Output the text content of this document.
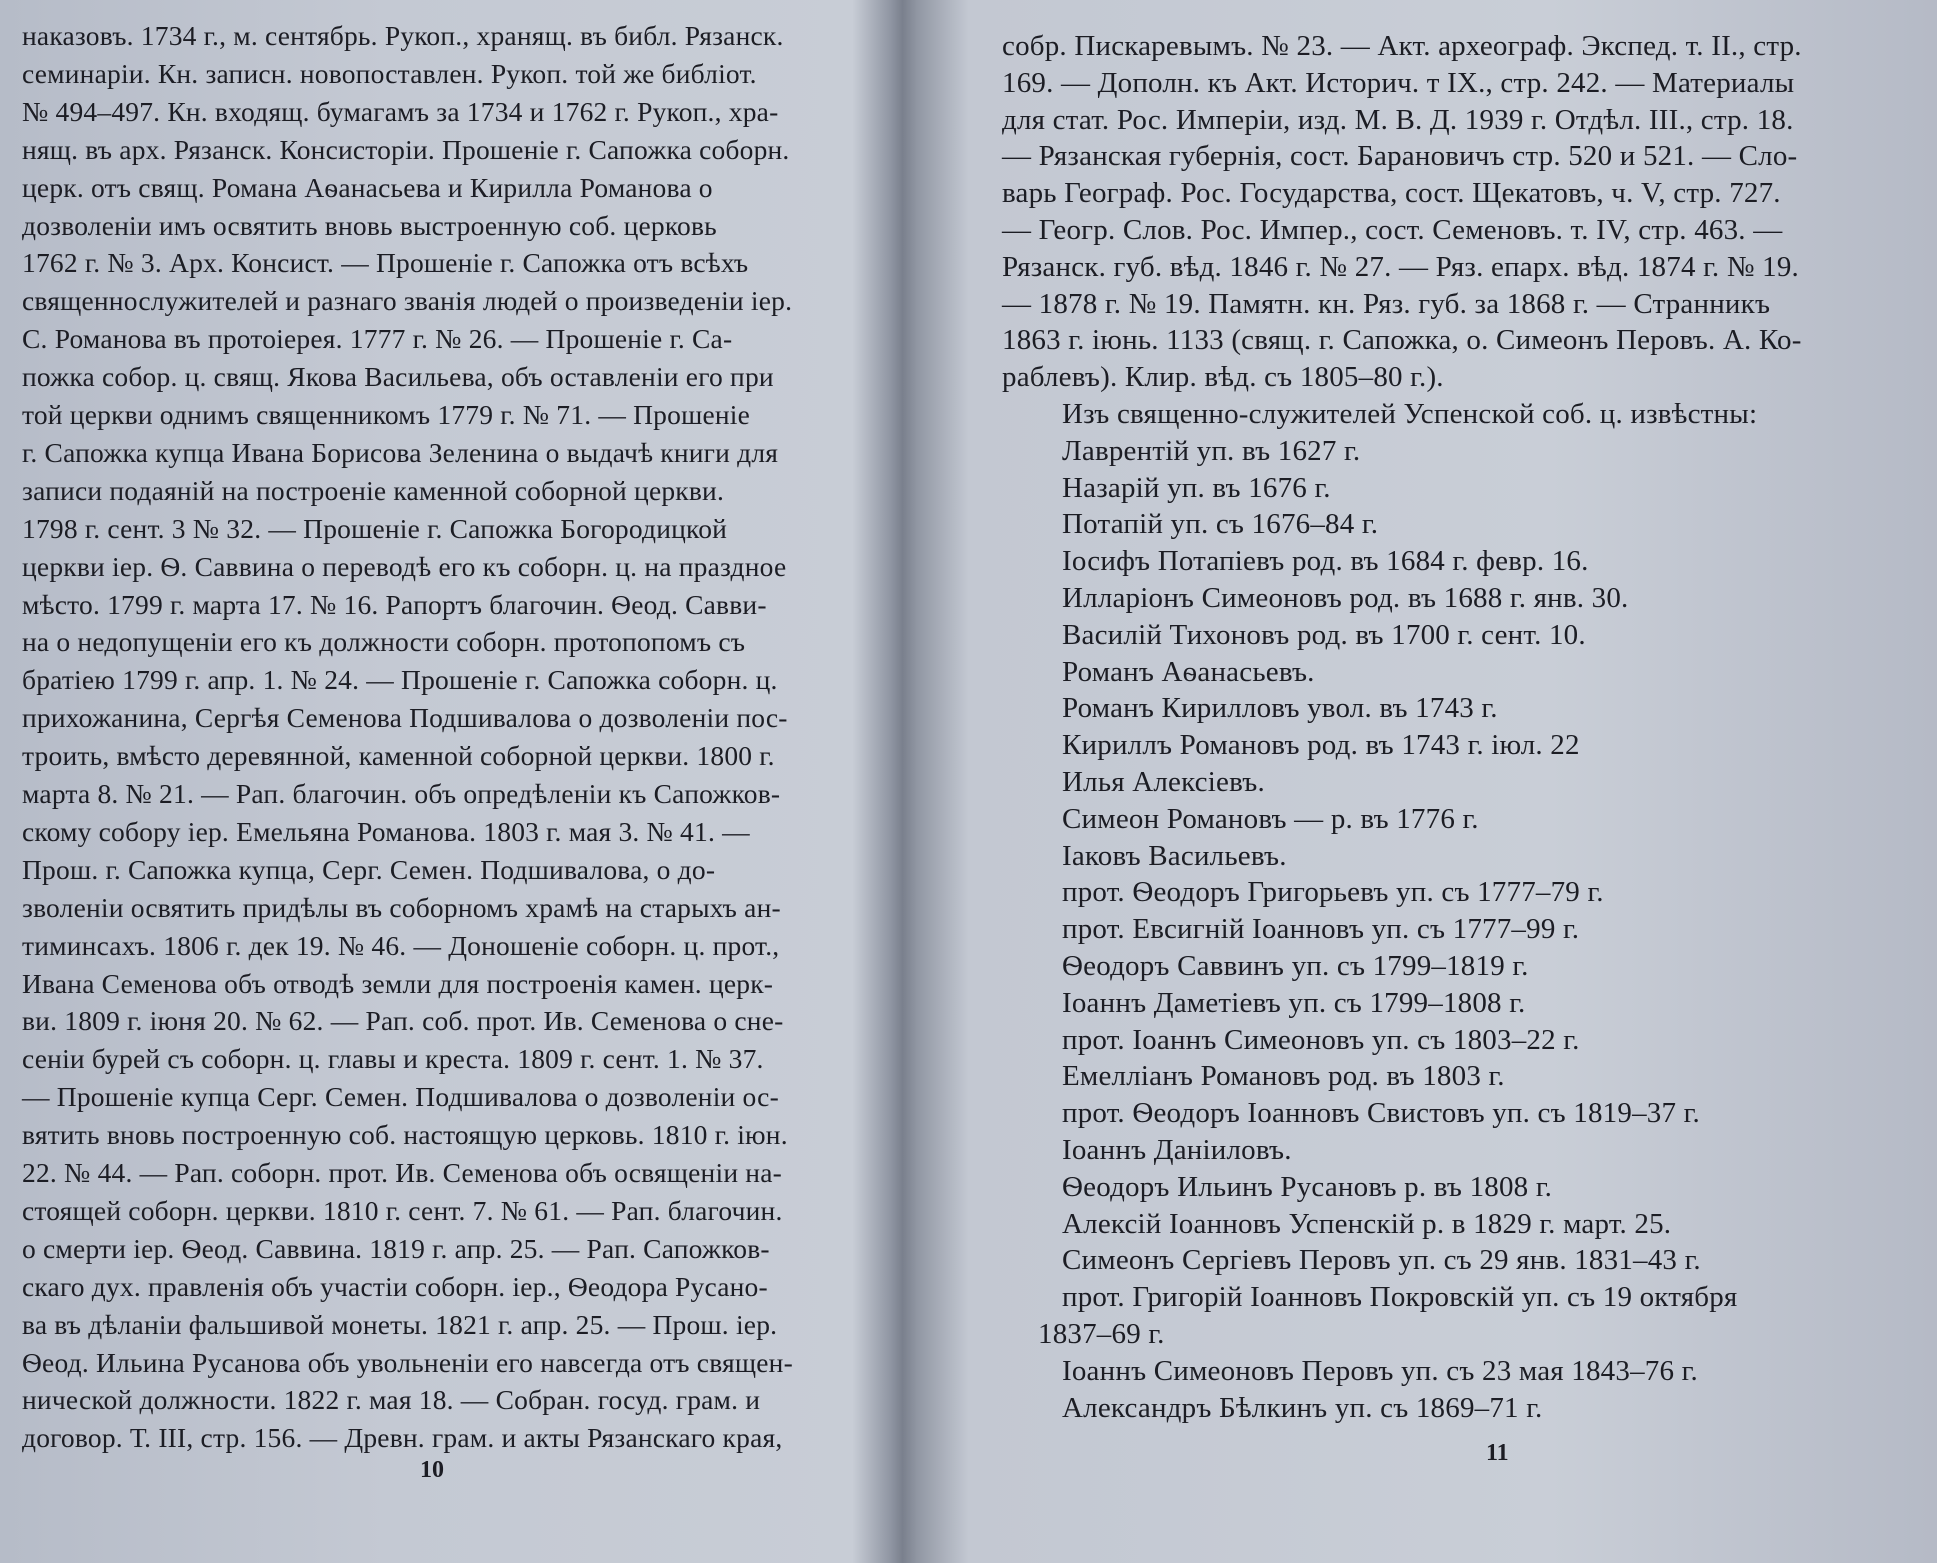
наказовъ. 1734 г., м. сентябрь. Рукоп., хранящ. въ библ. Рязанск.
семинаріи. Кн. записн. новопоставлен. Рукоп. той же библіот.
№ 494–497. Кн. входящ. бумагамъ за 1734 и 1762 г. Рукоп., хра-
нящ. въ арх. Рязанск. Консисторіи. Прошеніе г. Сапожка соборн.
церк. отъ свящ. Романа Аѳанасьева и Кирилла Романова о
дозволеніи имъ освятить вновь выстроенную соб. церковь
1762 г. № 3. Арх. Консист. — Прошеніе г. Сапожка отъ всѣхъ
священнослужителей и разнаго званія людей о произведеніи іер.
С. Романова въ протоіерея. 1777 г. № 26. — Прошеніе г. Са-
пожка собор. ц. свящ. Якова Васильева, объ оставленіи его при
той церкви однимъ священникомъ 1779 г. № 71. — Прошеніе
г. Сапожка купца Ивана Борисова Зеленина о выдачѣ книги для
записи подаяній на построеніе каменной соборной церкви.
1798 г. сент. 3 № 32. — Прошеніе г. Сапожка Богородицкой
церкви іер. Ѳ. Саввина о переводѣ его къ соборн. ц. на праздное
мѣсто. 1799 г. марта 17. № 16. Рапортъ благочин. Ѳеод. Савви-
на о недопущеніи его къ должности соборн. протопопомъ съ
братіею 1799 г. апр. 1. № 24. — Прошеніе г. Сапожка соборн. ц.
прихожанина, Сергѣя Семенова Подшивалова о дозволеніи пос-
троить, вмѣсто деревянной, каменной соборной церкви. 1800 г.
марта 8. № 21. — Рап. благочин. объ опредѣленіи къ Сапожков-
скому собору іер. Емельяна Романова. 1803 г. мая 3. № 41. —
Прош. г. Сапожка купца, Серг. Семен. Подшивалова, о до-
зволеніи освятить придѣлы въ соборномъ храмѣ на старыхъ ан-
тиминсахъ. 1806 г. дек 19. № 46. — Доношеніе соборн. ц. прот.,
Ивана Семенова объ отводѣ земли для построенія камен. церк-
ви. 1809 г. іюня 20. № 62. — Рап. соб. прот. Ив. Семенова о сне-
сеніи бурей съ соборн. ц. главы и креста. 1809 г. сент. 1. № 37.
— Прошеніе купца Серг. Семен. Подшивалова о дозволеніи ос-
вятить вновь построенную соб. настоящую церковь. 1810 г. іюн.
22. № 44. — Рап. соборн. прот. Ив. Семенова объ освященіи на-
стоящей соборн. церкви. 1810 г. сент. 7. № 61. — Рап. благочин.
о смерти іер. Ѳеод. Саввина. 1819 г. апр. 25. — Рап. Сапожков-
скаго дух. правленія объ участіи соборн. іер., Ѳеодора Русано-
ва въ дѣланіи фальшивой монеты. 1821 г. апр. 25. — Прош. іер.
Ѳеод. Ильина Русанова объ увольненіи его навсегда отъ священ-
нической должности. 1822 г. мая 18. — Собран. госуд. грам. и
договор. Т. III, стр. 156. — Древн. грам. и акты Рязанскаго края,
10
собр. Пискаревымъ. № 23. — Акт. археограф. Экспед. т. II., стр.
169. — Дополн. къ Акт. Историч. т IX., стр. 242. — Материалы
для стат. Рос. Имперіи, изд. М. В. Д. 1939 г. Отдѣл. III., стр. 18.
— Рязанская губернія, сост. Барановичъ стр. 520 и 521. — Сло-
варь Географ. Рос. Государства, сост. Щекатовъ, ч. V, стр. 727.
— Геогр. Слов. Рос. Импер., сост. Семеновъ. т. IV, стр. 463. —
Рязанск. губ. вѣд. 1846 г. № 27. — Ряз. епарх. вѣд. 1874 г. № 19.
— 1878 г. № 19. Памятн. кн. Ряз. губ. за 1868 г. — Странникъ
1863 г. іюнь. 1133 (свящ. г. Сапожка, о. Симеонъ Перовъ. А. Ко-
раблевъ). Клир. вѣд. съ 1805–80 г.).
Изъ священно-служителей Успенской соб. ц. извѣстны:
Лаврентій уп. въ 1627 г.
Назарій уп. въ 1676 г.
Потапій уп. съ 1676–84 г.
Іосифъ Потапіевъ род. въ 1684 г. февр. 16.
Илларіонъ Симеоновъ род. въ 1688 г. янв. 30.
Василій Тихоновъ род. въ 1700 г. сент. 10.
Романъ Аѳанасьевъ.
Романъ Кирилловъ увол. въ 1743 г.
Кириллъ Романовъ род. въ 1743 г. іюл. 22
Илья Алексіевъ.
Симеон Романовъ — р. въ 1776 г.
Іаковъ Васильевъ.
прот. Ѳеодоръ Григорьевъ уп. съ 1777–79 г.
прот. Евсигній Іоанновъ уп. съ 1777–99 г.
Ѳеодоръ Саввинъ уп. съ 1799–1819 г.
Іоаннъ Даметіевъ уп. съ 1799–1808 г.
прот. Іоаннъ Симеоновъ уп. съ 1803–22 г.
Емелліанъ Романовъ род. въ 1803 г.
прот. Ѳеодоръ Іоанновъ Свистовъ уп. съ 1819–37 г.
Іоаннъ Даніиловъ.
Ѳеодоръ Ильинъ Русановъ р. въ 1808 г.
Алексій Іоанновъ Успенскій р. в 1829 г. март. 25.
Симеонъ Сергіевъ Перовъ уп. съ 29 янв. 1831–43 г.
прот. Григорій Іоанновъ Покровскій уп. съ 19 октября
1837–69 г.
Іоаннъ Симеоновъ Перовъ уп. съ 23 мая 1843–76 г.
Александръ Бѣлкинъ уп. съ 1869–71 г.
11
